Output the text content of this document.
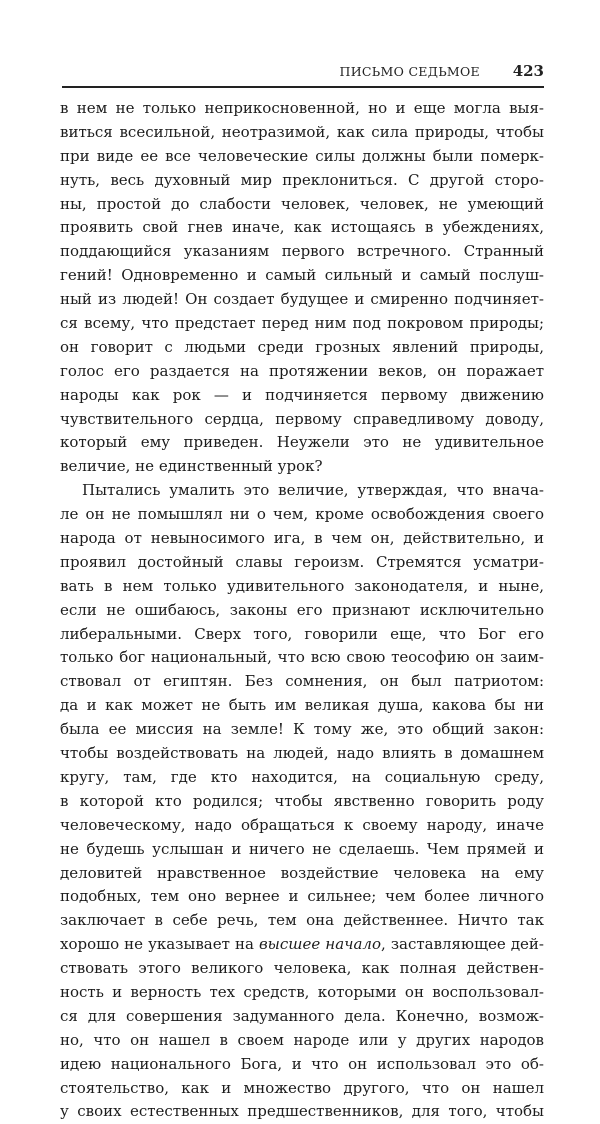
ПИСЬМО СЕДЬМОЕ 423
в нем не только неприкосновенной, но и еще могла выя-
виться всесильной, неотразимой, как сила природы, чтобы
при виде ее все человеческие силы должны были померк-
нуть, весь духовный мир преклониться. С другой сторо-
ны, простой до слабости человек, человек, не умеющий
проявить свой гнев иначе, как истощаясь в убеждениях,
поддающийся указаниям первого встречного. Странный
гений! Одновременно и самый сильный и самый послуш-
ный из людей! Он создает будущее и смиренно подчиняет-
ся всему, что предстает перед ним под покровом природы;
он говорит с людьми среди грозных явлений природы,
голос его раздается на протяжении веков, он поражает
народы как рок — и подчиняется первому движению
чувствительного сердца, первому справедливому доводу,
который ему приведен. Неужели это не удивительное
величие, не единственный урок?
Пытались умалить это величие, утверждая, что внача-
ле он не помышлял ни о чем, кроме освобождения своего
народа от невыносимого ига, в чем он, действительно, и
проявил достойный славы героизм. Стремятся усматри-
вать в нем только удивительного законодателя, и ныне,
если не ошибаюсь, законы его признают исключительно
либеральными. Сверх того, говорили еще, что Бог его
только бог национальный, что всю свою теософию он заим-
ствовал от египтян. Без сомнения, он был патриотом:
да и как может не быть им великая душа, какова бы ни
была ее миссия на земле! К тому же, это общий закон:
чтобы воздействовать на людей, надо влиять в домашнем
кругу, там, где кто находится, на социальную среду,
в которой кто родился; чтобы явственно говорить роду
человеческому, надо обращаться к своему народу, иначе
не будешь услышан и ничего не сделаешь. Чем прямей и
деловитей нравственное воздействие человека на ему
подобных, тем оно вернее и сильнее; чем более личного
заключает в себе речь, тем она действеннее. Ничто так
хорошо не указывает на высшее начало, заставляющее дей-
ствовать этого великого человека, как полная действен-
ность и верность тех средств, которыми он воспользовал-
ся для совершения задуманного дела. Конечно, возмож-
но, что он нашел в своем народе или у других народов
идею национального Бога, и что он использовал это об-
стоятельство, как и множество другого, что он нашел
у своих естественных предшественников, для того, чтобы
